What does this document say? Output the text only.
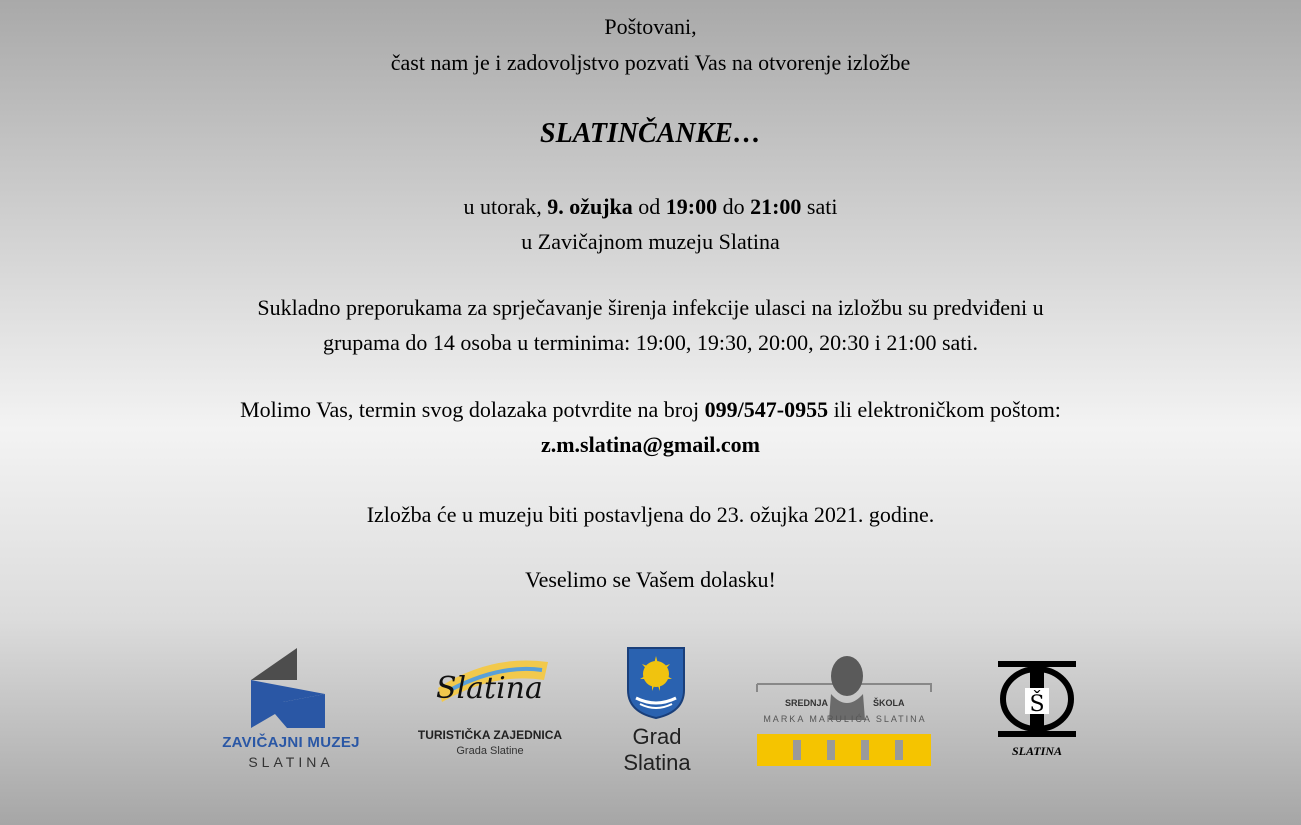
Poštovani,
čast nam je i zadovoljstvo pozvati Vas na otvorenje izložbe
SLATINČANKE…
u utorak, 9. ožujka od 19:00 do 21:00 sati
u Zavičajnom muzeju Slatina
Sukladno preporukama za sprječavanje širenja infekcije ulasci na izložbu su predviđeni u
grupama do 14 osoba u terminima: 19:00, 19:30, 20:00, 20:30 i 21:00 sati.
Molimo Vas, termin svog dolazaka potvrdite na broj 099/547-0955 ili elektroničkom poštom:
z.m.slatina@gmail.com
Izložba će u muzeju biti postavljena do 23. ožujka 2021. godine.
Veselimo se Vašem dolasku!
ZAVIČAJNI MUZEJ
SLATINA
Slatina
TURISTIČKA ZAJEDNICA
Grada Slatine
Grad
Slatina
SREDNJA	ŠKOLA
MARKA MARULIĆA SLATINA
Š
SLATINA
